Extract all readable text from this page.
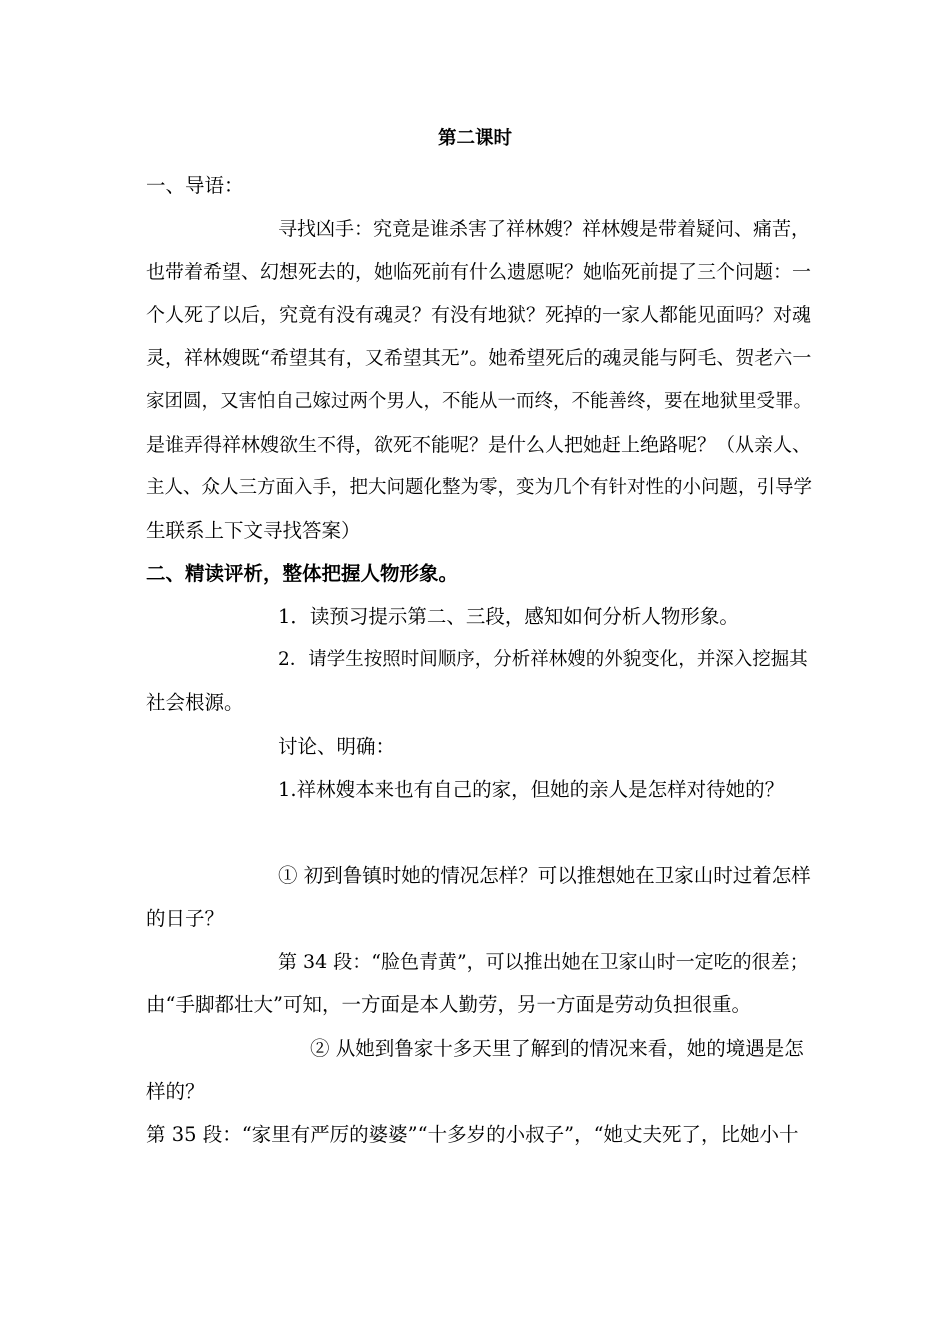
第二课时
一、导语：
寻找凶手：究竟是谁杀害了祥林嫂？祥林嫂是带着疑问、痛苦，
也带着希望、幻想死去的，她临死前有什么遗愿呢？她临死前提了三个问题：一
个人死了以后，究竟有没有魂灵？有没有地狱？死掉的一家人都能见面吗？对魂
灵，祥林嫂既“希望其有，又希望其无”。她希望死后的魂灵能与阿毛、贺老六一
家团圆，又害怕自己嫁过两个男人，不能从一而终，不能善终，要在地狱里受罪。
是谁弄得祥林嫂欲生不得，欲死不能呢？是什么人把她赶上绝路呢？（从亲人、
主人、众人三方面入手，把大问题化整为零，变为几个有针对性的小问题，引导学
生联系上下文寻找答案）
二、精读评析，整体把握人物形象。
1．读预习提示第二、三段，感知如何分析人物形象。
2．请学生按照时间顺序，分析祥林嫂的外貌变化，并深入挖掘其
社会根源。
讨论、明确：
1.祥林嫂本来也有自己的家，但她的亲人是怎样对待她的？
① 初到鲁镇时她的情况怎样？可以推想她在卫家山时过着怎样
的日子？
第 34 段：“脸色青黄”，可以推出她在卫家山时一定吃的很差；
由“手脚都壮大”可知，一方面是本人勤劳，另一方面是劳动负担很重。
② 从她到鲁家十多天里了解到的情况来看，她的境遇是怎
样的？
第 35 段：“家里有严厉的婆婆”“十多岁的小叔子”，“她丈夫死了，比她小十
